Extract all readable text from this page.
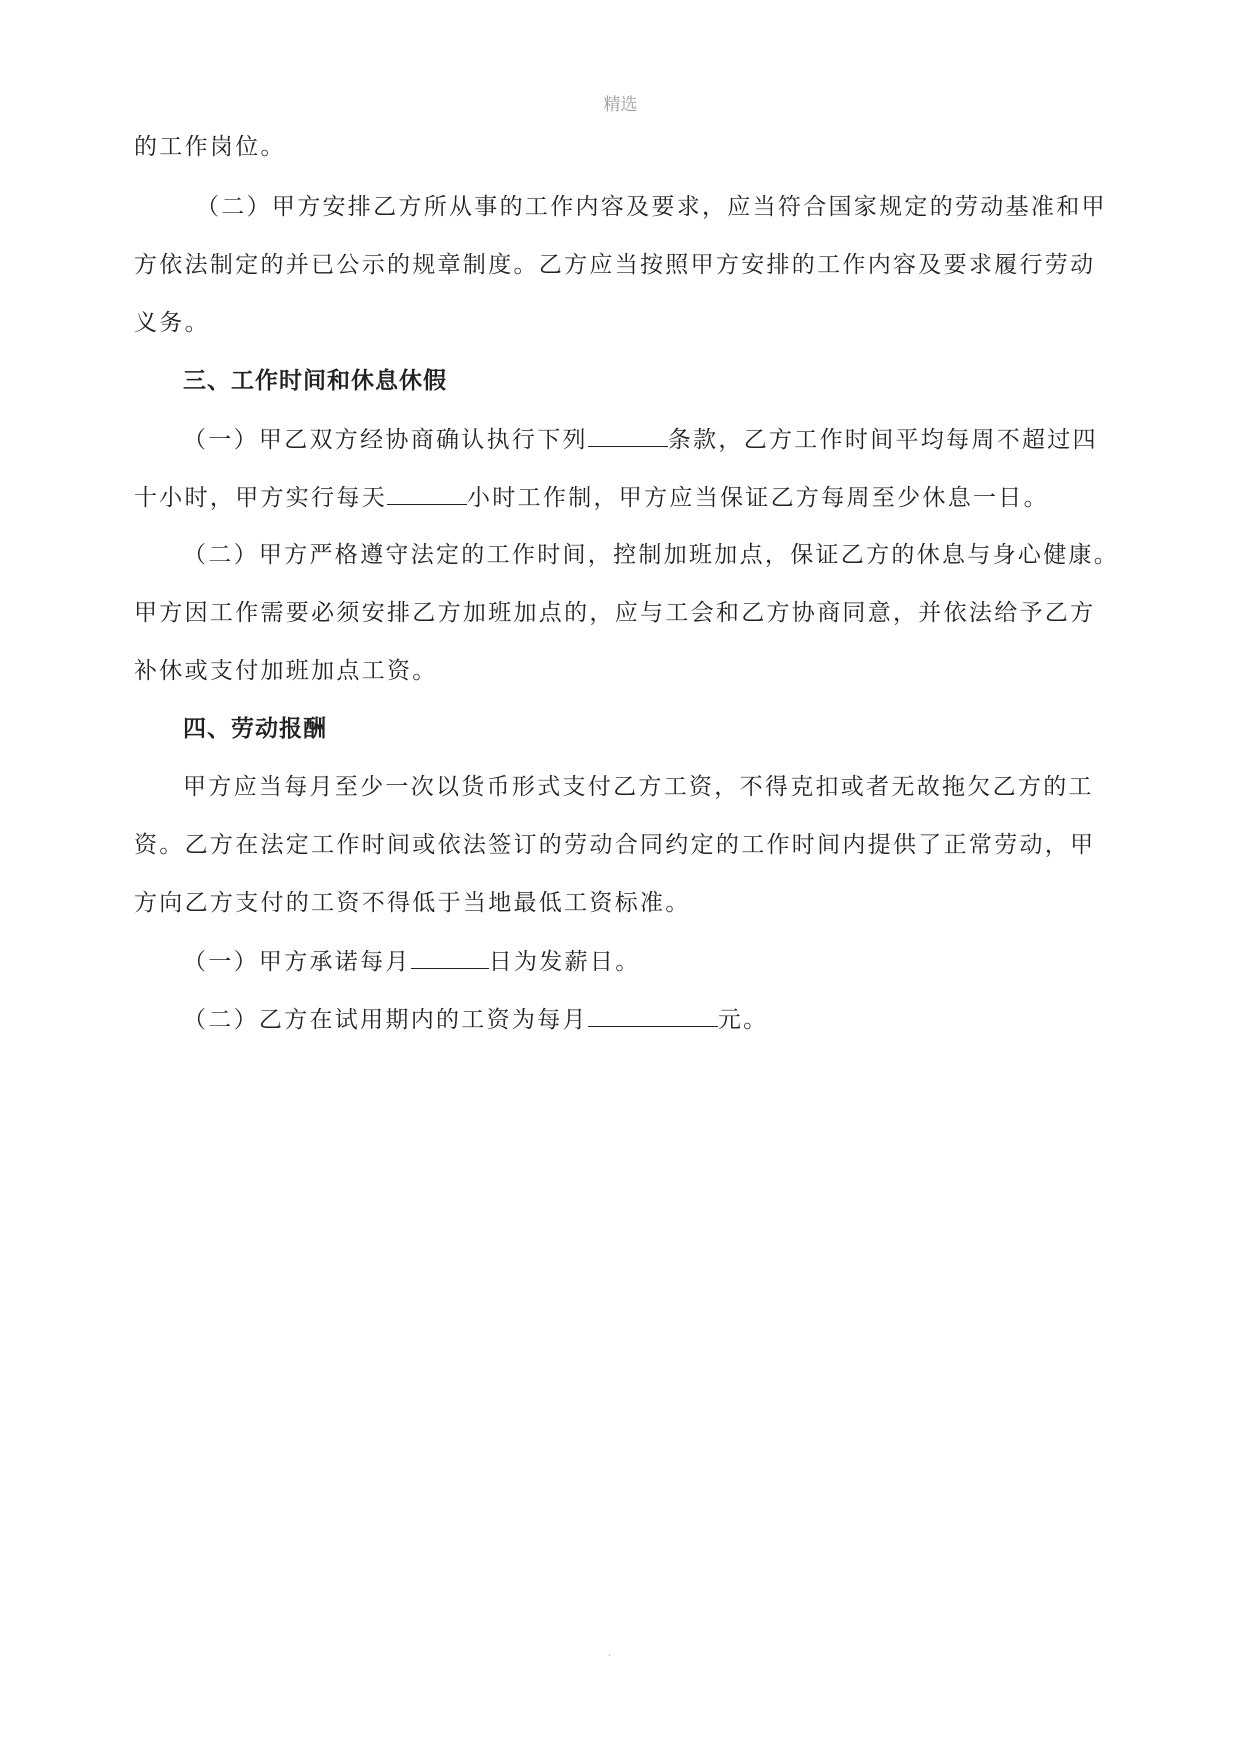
精选
的工作岗位。
（二）甲方安排乙方所从事的工作内容及要求，应当符合国家规定的劳动基准和甲
方依法制定的并已公示的规章制度。乙方应当按照甲方安排的工作内容及要求履行劳动
义务。
三、工作时间和休息休假
（一）甲乙双方经协商确认执行下列	条款，乙方工作时间平均每周不超过四
十小时，甲方实行每天	小时工作制，甲方应当保证乙方每周至少休息一日。
（二）甲方严格遵守法定的工作时间，控制加班加点，保证乙方的休息与身心健康。
甲方因工作需要必须安排乙方加班加点的，应与工会和乙方协商同意，并依法给予乙方
补休或支付加班加点工资。
四、劳动报酬
甲方应当每月至少一次以货币形式支付乙方工资，不得克扣或者无故拖欠乙方的工
资。乙方在法定工作时间或依法签订的劳动合同约定的工作时间内提供了正常劳动，甲
方向乙方支付的工资不得低于当地最低工资标准。
（一）甲方承诺每月	日为发薪日。
（二）乙方在试用期内的工资为每月	元。
.
